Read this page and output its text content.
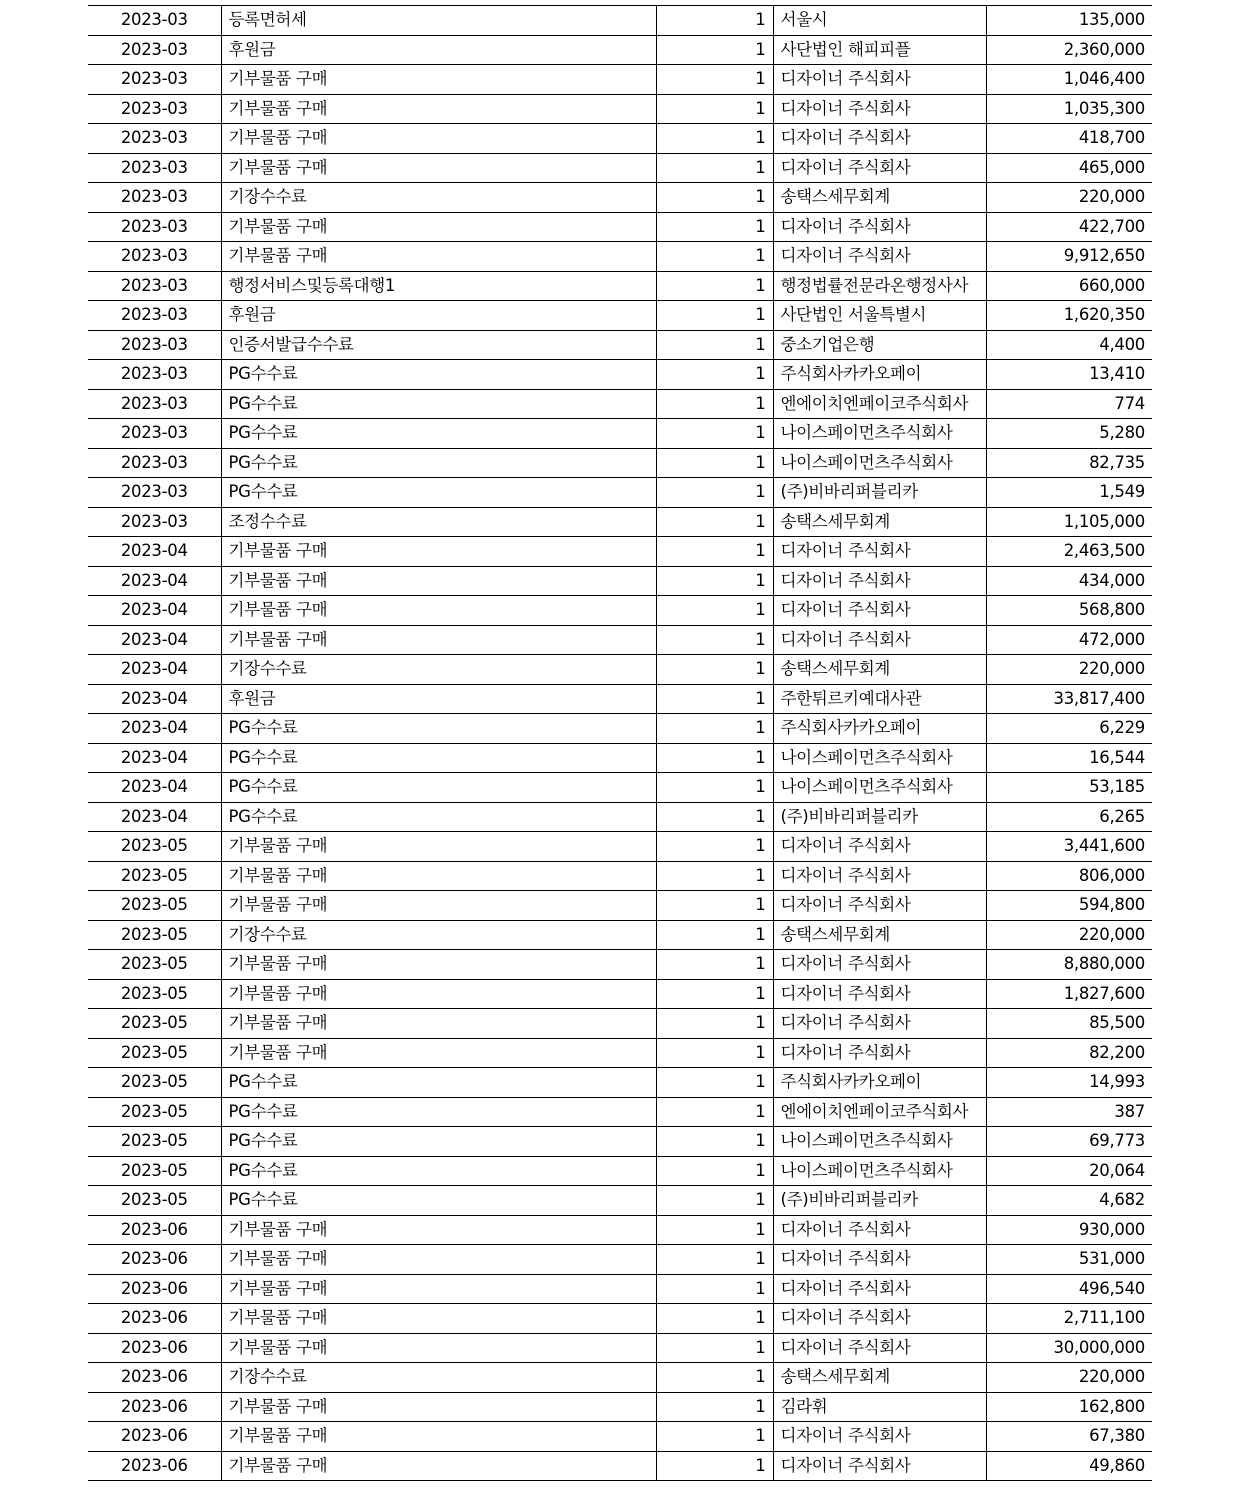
2023-03	등록면허세	1	서울시	135,000
2023-03	후원금	1	사단법인 해피피플	2,360,000
2023-03	기부물품 구매	1	디자이너 주식회사	1,046,400
2023-03	기부물품 구매	1	디자이너 주식회사	1,035,300
2023-03	기부물품 구매	1	디자이너 주식회사	418,700
2023-03	기부물품 구매	1	디자이너 주식회사	465,000
2023-03	기장수수료	1	송택스세무회계	220,000
2023-03	기부물품 구매	1	디자이너 주식회사	422,700
2023-03	기부물품 구매	1	디자이너 주식회사	9,912,650
2023-03	행정서비스및등록대행1	1	행정법률전문라온행정사사	660,000
2023-03	후원금	1	사단법인 서울특별시	1,620,350
2023-03	인증서발급수수료	1	중소기업은행	4,400
2023-03	PG수수료	1	주식회사카카오페이	13,410
2023-03	PG수수료	1	엔에이치엔페이코주식회사	774
2023-03	PG수수료	1	나이스페이먼츠주식회사	5,280
2023-03	PG수수료	1	나이스페이먼츠주식회사	82,735
2023-03	PG수수료	1	(주)비바리퍼블리카	1,549
2023-03	조정수수료	1	송택스세무회계	1,105,000
2023-04	기부물품 구매	1	디자이너 주식회사	2,463,500
2023-04	기부물품 구매	1	디자이너 주식회사	434,000
2023-04	기부물품 구매	1	디자이너 주식회사	568,800
2023-04	기부물품 구매	1	디자이너 주식회사	472,000
2023-04	기장수수료	1	송택스세무회계	220,000
2023-04	후원금	1	주한튀르키예대사관	33,817,400
2023-04	PG수수료	1	주식회사카카오페이	6,229
2023-04	PG수수료	1	나이스페이먼츠주식회사	16,544
2023-04	PG수수료	1	나이스페이먼츠주식회사	53,185
2023-04	PG수수료	1	(주)비바리퍼블리카	6,265
2023-05	기부물품 구매	1	디자이너 주식회사	3,441,600
2023-05	기부물품 구매	1	디자이너 주식회사	806,000
2023-05	기부물품 구매	1	디자이너 주식회사	594,800
2023-05	기장수수료	1	송택스세무회계	220,000
2023-05	기부물품 구매	1	디자이너 주식회사	8,880,000
2023-05	기부물품 구매	1	디자이너 주식회사	1,827,600
2023-05	기부물품 구매	1	디자이너 주식회사	85,500
2023-05	기부물품 구매	1	디자이너 주식회사	82,200
2023-05	PG수수료	1	주식회사카카오페이	14,993
2023-05	PG수수료	1	엔에이치엔페이코주식회사	387
2023-05	PG수수료	1	나이스페이먼츠주식회사	69,773
2023-05	PG수수료	1	나이스페이먼츠주식회사	20,064
2023-05	PG수수료	1	(주)비바리퍼블리카	4,682
2023-06	기부물품 구매	1	디자이너 주식회사	930,000
2023-06	기부물품 구매	1	디자이너 주식회사	531,000
2023-06	기부물품 구매	1	디자이너 주식회사	496,540
2023-06	기부물품 구매	1	디자이너 주식회사	2,711,100
2023-06	기부물품 구매	1	디자이너 주식회사	30,000,000
2023-06	기장수수료	1	송택스세무회계	220,000
2023-06	기부물품 구매	1	김라휘	162,800
2023-06	기부물품 구매	1	디자이너 주식회사	67,380
2023-06	기부물품 구매	1	디자이너 주식회사	49,860
